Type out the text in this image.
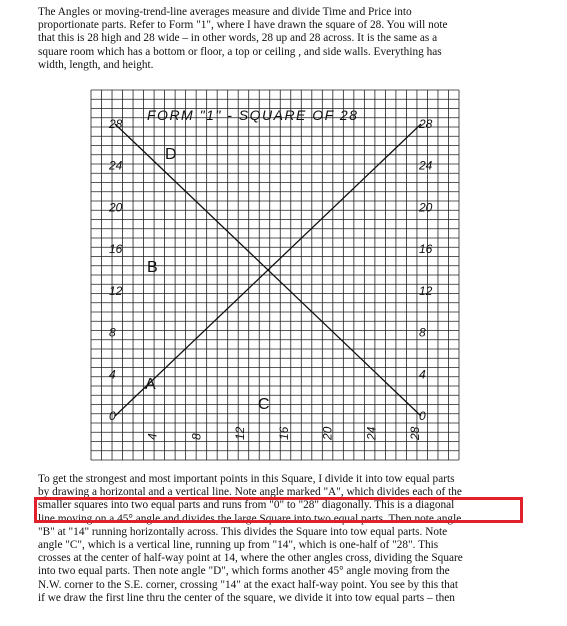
The Angles or moving-trend-line averages measure and divide Time and Price into
proportionate parts. Refer to Form "1", where I have drawn the square of 28. You will note
that this is 28 high and 28 wide – in other words, 28 up and 28 across. It is the same as a
square room which has a bottom or floor, a top or ceiling , and side walls. Everything has
width, length, and height.
FORM "1" - SQUARE OF 28
28
24
20
16
12
8
4
0
28
24
20
16
12
8
4
0
4 8 12 16 20 24 28
D
B
A
C
To get the strongest and most important points in this Square, I divide it into tow equal parts
by drawing a horizontal and a vertical line. Note angle marked "A", which divides each of the
smaller squares into two equal parts and runs from "0" to "28" diagonally. This is a diagonal
line moving on a 45° angle and divides the large Square into two equal parts. Then note angle
"B" at "14" running horizontally across. This divides the Square into tow equal parts. Note
angle "C", which is a vertical line, running up from "14", which is one-half of "28". This
crosses at the center of half-way point at 14, where the other angles cross, dividing the Square
into two equal parts. Then note angle "D", which forms another 45° angle moving from the
N.W. corner to the S.E. corner, crossing "14" at the exact half-way point. You see by this that
if we draw the first line thru the center of the square, we divide it into tow equal parts – then
